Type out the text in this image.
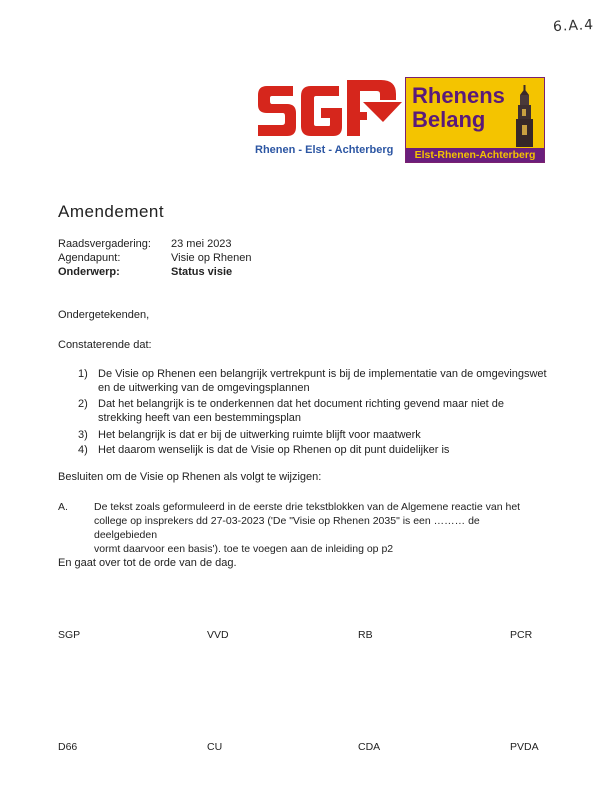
6.A.4
Rhenen - Elst - Achterberg
Rhenens
Belang
Elst-Rhenen-Achterberg
Amendement
Raadsvergadering: 23 mei 2023
Agendapunt:	Visie op Rhenen
Onderwerp:	Status visie
Ondergetekenden,
Constaterende dat:
1) De Visie op Rhenen een belangrijk vertrekpunt is bij de implementatie van de omgevingswet
en de uitwerking van de omgevingsplannen
2) Dat het belangrijk is te onderkennen dat het document richting gevend maar niet de
strekking heeft van een bestemmingsplan
3) Het belangrijk is dat er bij de uitwerking ruimte blijft voor maatwerk
4) Het daarom wenselijk is dat de Visie op Rhenen op dit punt duidelijker is
Besluiten om de Visie op Rhenen als volgt te wijzigen:
A. De tekst zoals geformuleerd in de eerste drie tekstblokken van de Algemene reactie van het
college op insprekers dd 27-03-2023 ('De "Visie op Rhenen 2035" is een ……… de deelgebieden
vormt daarvoor een basis'). toe te voegen aan de inleiding op p2
En gaat over tot de orde van de dag.
SGP	VVD	RB	PCR
D66	CU	CDA	PVDA
